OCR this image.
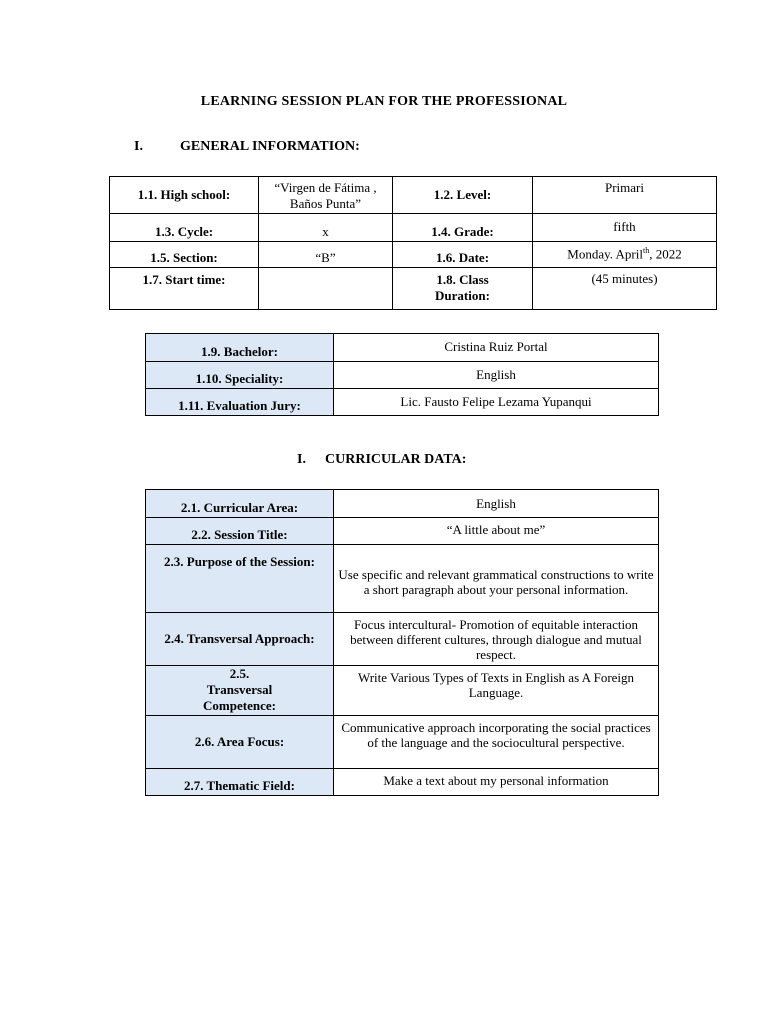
LEARNING SESSION PLAN FOR THE PROFESSIONAL
I.	GENERAL INFORMATION:
1.1. High school:	“Virgen de Fátima , Baños Punta”	1.2. Level:	Primari
1.3. Cycle:	x	1.4. Grade:	fifth
1.5. Section:	“B”	1.6. Date:	Monday. April$^{th}$, 2022
1.7. Start time:		1.8. Class Duration:	(45 minutes)
1.9. Bachelor:	Cristina Ruiz Portal
1.10. Speciality:	English
1.11. Evaluation Jury:	Lic. Fausto Felipe Lezama Yupanqui
I. CURRICULAR DATA:
2.1. Curricular Area:	English
2.2. Session Title:	“A little about me”
2.3. Purpose of the Session:	Use specific and relevant grammatical constructions to write a short paragraph about your personal information.
2.4. Transversal Approach:	Focus intercultural- Promotion of equitable interaction between different cultures, through dialogue and mutual respect.
2.5. Transversal Competence:	Write Various Types of Texts in English as A Foreign Language.
2.6. Area Focus:	Communicative approach incorporating the social practices of the language and the sociocultural perspective.
2.7. Thematic Field:	Make a text about my personal information
